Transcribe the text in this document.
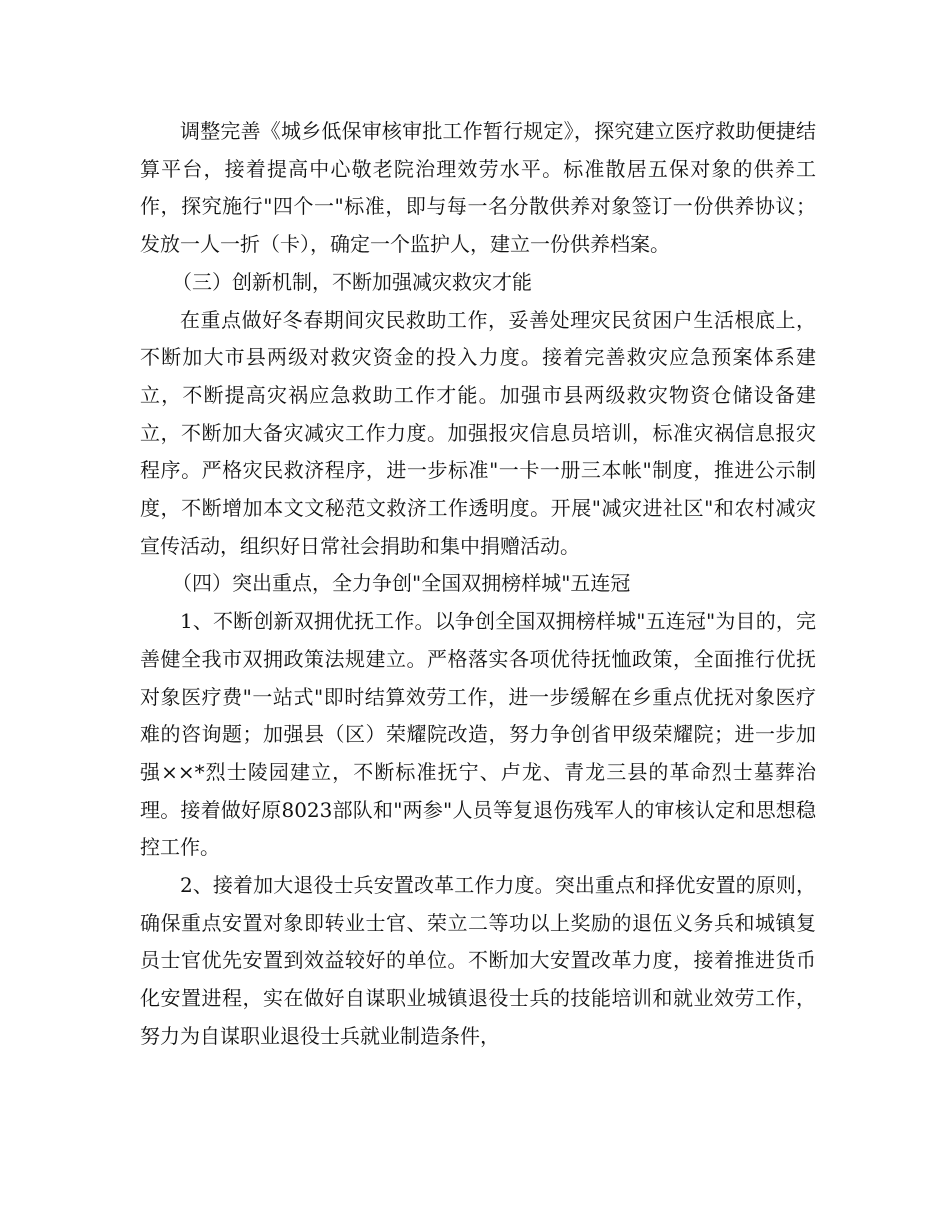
调整完善《城乡低保审核审批工作暂行规定》，探究建立医疗救助便捷结算平台，接着提高中心敬老院治理效劳水平。标准散居五保对象的供养工作，探究施行"四个一"标准，即与每一名分散供养对象签订一份供养协议；发放一人一折（卡），确定一个监护人，建立一份供养档案。

（三）创新机制，不断加强减灾救灾才能

在重点做好冬春期间灾民救助工作，妥善处理灾民贫困户生活根底上，不断加大市县两级对救灾资金的投入力度。接着完善救灾应急预案体系建立，不断提高灾祸应急救助工作才能。加强市县两级救灾物资仓储设备建立，不断加大备灾减灾工作力度。加强报灾信息员培训，标准灾祸信息报灾程序。严格灾民救济程序，进一步标准"一卡一册三本帐"制度，推进公示制度，不断增加本文文秘范文救济工作透明度。开展"减灾进社区"和农村减灾宣传活动，组织好日常社会捐助和集中捐赠活动。

（四）突出重点，全力争创"全国双拥榜样城"五连冠

1、不断创新双拥优抚工作。以争创全国双拥榜样城"五连冠"为目的，完善健全我市双拥政策法规建立。严格落实各项优待抚恤政策，全面推行优抚对象医疗费"一站式"即时结算效劳工作，进一步缓解在乡重点优抚对象医疗难的咨询题；加强县（区）荣耀院改造，努力争创省甲级荣耀院；进一步加强××*烈士陵园建立，不断标准抚宁、卢龙、青龙三县的革命烈士墓葬治理。接着做好原8023部队和"两参"人员等复退伤残军人的审核认定和思想稳控工作。

2、接着加大退役士兵安置改革工作力度。突出重点和择优安置的原则，确保重点安置对象即转业士官、荣立二等功以上奖励的退伍义务兵和城镇复员士官优先安置到效益较好的单位。不断加大安置改革力度，接着推进货币化安置进程，实在做好自谋职业城镇退役士兵的技能培训和就业效劳工作，努力为自谋职业退役士兵就业制造条件，
